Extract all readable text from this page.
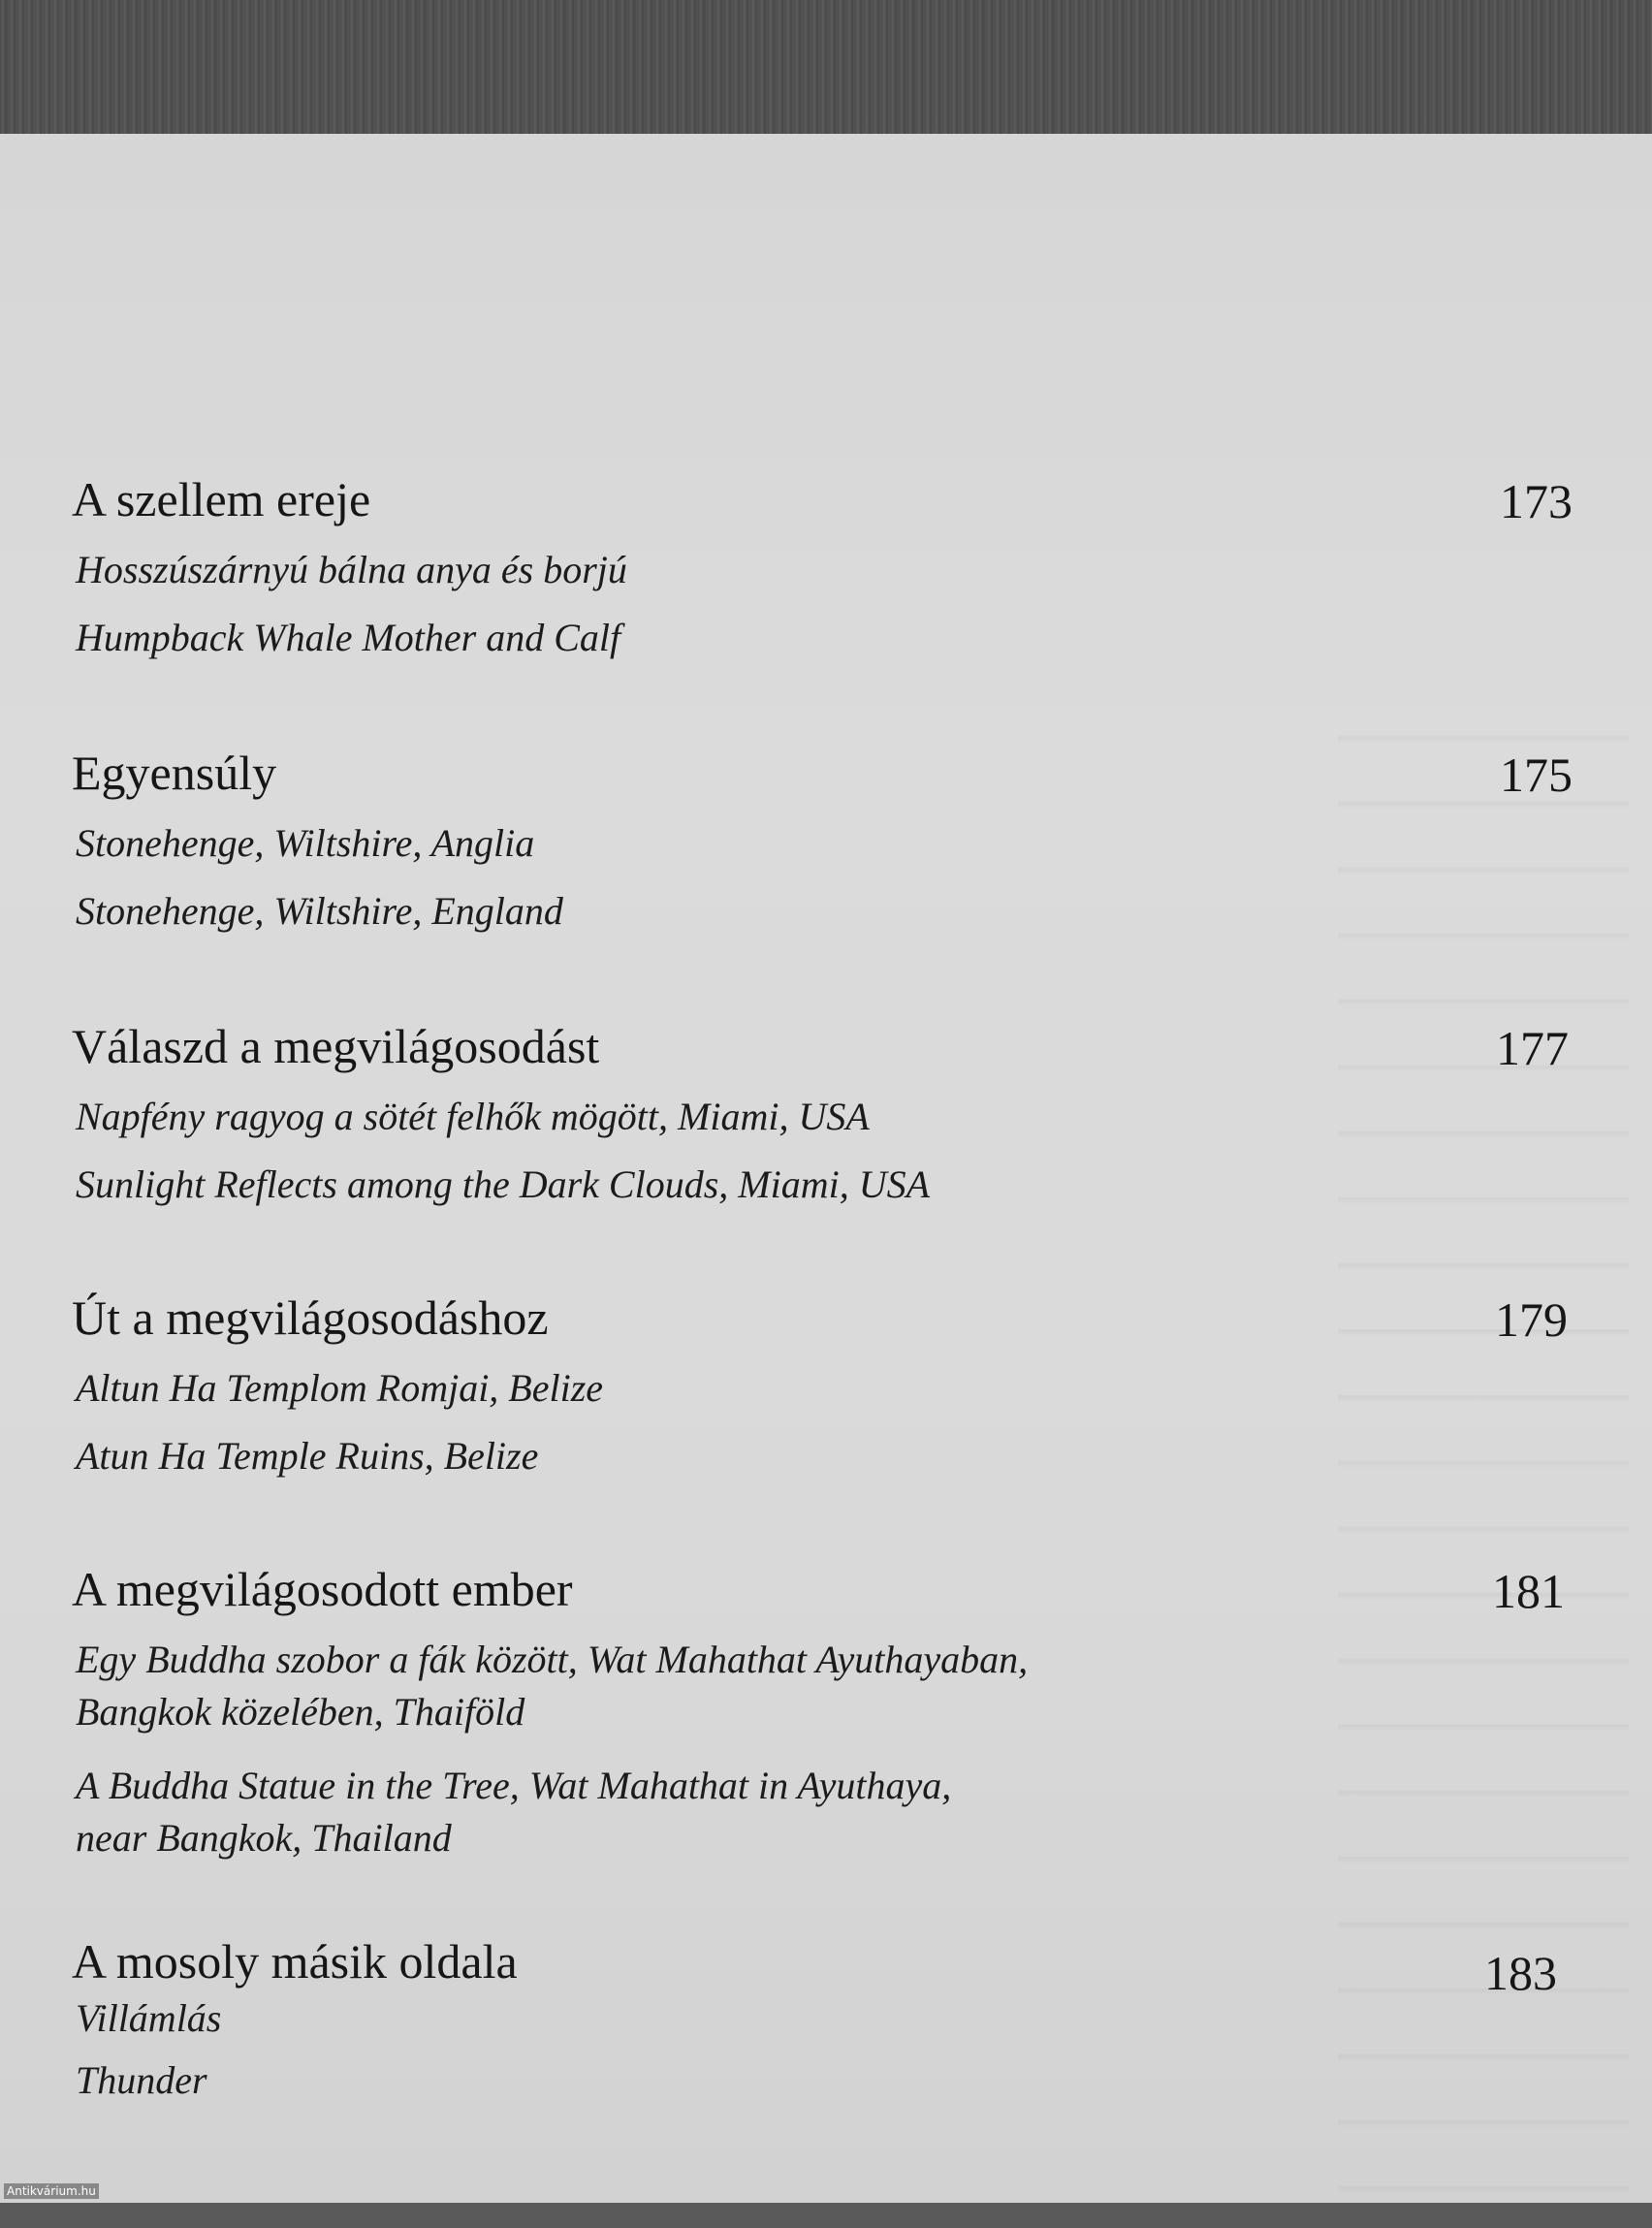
A szellem ereje	173
Hosszúszárnyú bálna anya és borjú
Humpback Whale Mother and Calf
Egyensúly	175
Stonehenge, Wiltshire, Anglia
Stonehenge, Wiltshire, England
Válaszd a megvilágosodást	177
Napfény ragyog a sötét felhők mögött, Miami, USA
Sunlight Reflects among the Dark Clouds, Miami, USA
Út a megvilágosodáshoz	179
Altun Ha Templom Romjai, Belize
Atun Ha Temple Ruins, Belize
A megvilágosodott ember	181
Egy Buddha szobor a fák között, Wat Mahathat Ayuthayaban,
Bangkok közelében, Thaiföld
A Buddha Statue in the Tree, Wat Mahathat in Ayuthaya,
near Bangkok, Thailand
A mosoly másik oldala	183
Villámlás
Thunder
Antikvárium.hu
